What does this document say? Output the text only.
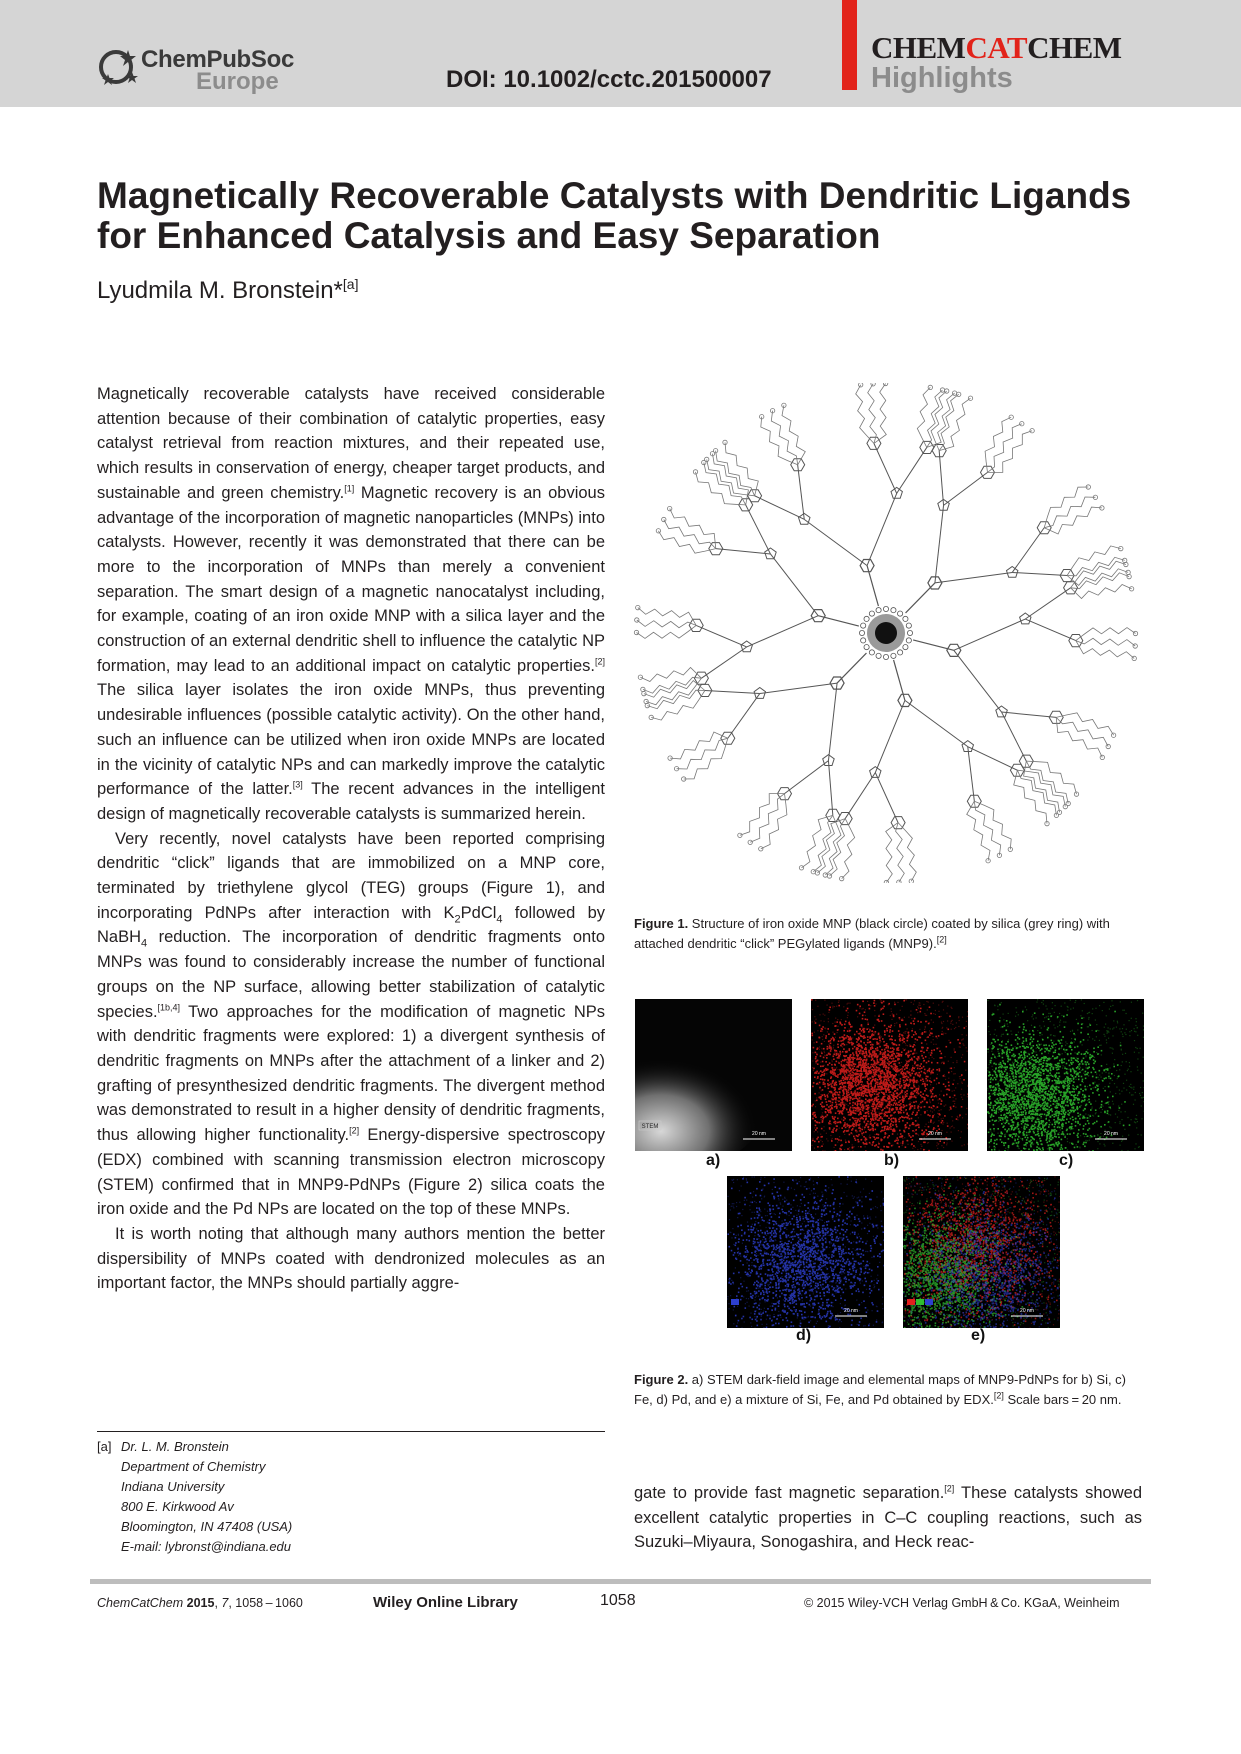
ChemPubSoc
Europe	DOI: 10.1002/cctc.201500007
CHEMCATCHEM
Highlights
Magnetically Recoverable Catalysts with Dendritic Ligands for Enhanced Catalysis and Easy Separation
Lyudmila M. Bronstein*[a]

Magnetically recoverable catalysts have received considerable attention because of their combination of catalytic properties, easy catalyst retrieval from reaction mixtures, and their repeated use, which results in conservation of energy, cheaper target products, and sustainable and green chemistry.[1] Magnetic recovery is an obvious advantage of the incorporation of magnetic nanoparticles (MNPs) into catalysts. However, recently it was demonstrated that there can be more to the incorporation of MNPs than merely a convenient separation. The smart design of a magnetic nanocatalyst including, for example, coating of an iron oxide MNP with a silica layer and the construction of an external dendritic shell to influence the catalytic NP formation, may lead to an additional impact on catalytic properties.[2] The silica layer isolates the iron oxide MNPs, thus preventing undesirable influences (possible catalytic activity). On the other hand, such an influence can be utilized when iron oxide MNPs are located in the vicinity of catalytic NPs and can markedly improve the catalytic performance of the latter.[3] The recent advances in the intelligent design of magnetically recoverable catalysts is summarized herein.

Very recently, novel catalysts have been reported comprising dendritic “click” ligands that are immobilized on a MNP core, terminated by triethylene glycol (TEG) groups (Figure 1), and incorporating PdNPs after interaction with $K_2PdCl_4$ followed by NaBH$_4$ reduction. The incorporation of dendritic fragments onto MNPs was found to considerably increase the number of functional groups on the NP surface, allowing better stabilization of catalytic species.[1b,4] Two approaches for the modification of magnetic NPs with dendritic fragments were explored: 1) a divergent synthesis of dendritic fragments on MNPs after the attachment of a linker and 2) grafting of presynthesized dendritic fragments. The divergent method was demonstrated to result in a higher density of dendritic fragments, thus allowing higher functionality.[2] Energy-dispersive spectroscopy (EDX) combined with scanning transmission electron microscopy (STEM) confirmed that in MNP9-PdNPs (Figure 2) silica coats the iron oxide and the Pd NPs are located on the top of these MNPs.

It is worth noting that although many authors mention the better dispersibility of MNPs coated with dendronized molecules as an important factor, the MNPs should partially aggre-

Figure 1. Structure of iron oxide MNP (black circle) coated by silica (grey ring) with attached dendritic “click” PEGylated ligands (MNP9).[2]
STEM
20 nm	20 nm	20 nm
20 nm	20 nm
a)	b)	c)
d)	e)
Figure 2. a) STEM dark-field image and elemental maps of MNP9-PdNPs for b) Si, c) Fe, d) Pd, and e) a mixture of Si, Fe, and Pd obtained by EDX.[2] Scale bars = 20 nm.
[a] Dr. L. M. Bronstein
Department of Chemistry
Indiana University
800 E. Kirkwood Av
Bloomington, IN 47408 (USA)
E-mail: lybronst@indiana.edu

gate to provide fast magnetic separation.[2] These catalysts showed excellent catalytic properties in C–C coupling reactions, such as Suzuki–Miyaura, Sonogashira, and Heck reac-

ChemCatChem 2015, 7, 1058 – 1060	Wiley Online Library	1058	© 2015 Wiley-VCH Verlag GmbH & Co. KGaA, Weinheim
